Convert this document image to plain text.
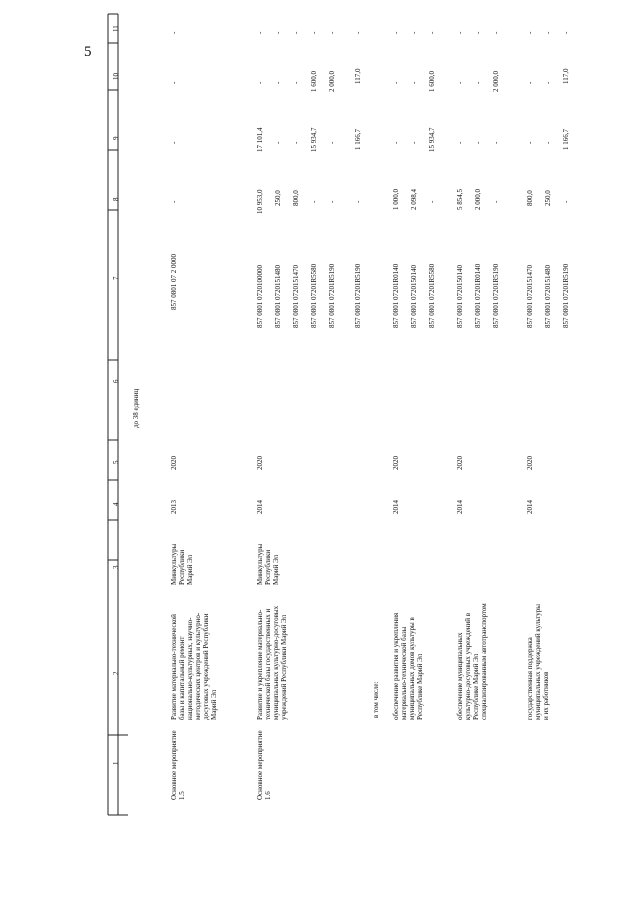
5
11
10
9
8
7
6
5
4
3
2
1
до 38 единиц
Основное мероприятие 1.5
Развитие материально-технической базы и капитальный ремонт национально-культурных, научно-методических центров и культурно-досуговых учреждений Республики Марий Эл
Минкультуры Республики Марий Эл
2013
2020
857 0801 07 2 0000
-
-
-
-
Основное мероприятие 1.6
Развитие и укрепление материально-технической базы государственных и муниципальных культурно-досуговых учреждений Республики Марий Эл
Минкультуры Республики Марий Эл
2014
2020
857 0801 0720100000 857 0801 0720151480 857 0801 0720151470 857 0801 07201R5580 857 0801 07201R5190
10 953,0 250,0 800,0 - -
17 101,4 - - 15 934,7 -
- - - 1 600,0 2 000,0
- - - - -
в том числе:
857 0801 07201R5190
-
1 166,7
117,0
-
обеспечение развития и укрепления материально-технической базы муниципальных домов культуры в Республике Марий Эл
2014
2020
857 0801 07201R0140 857 0801 0720150140 857 0801 07201R5580
1 000,0 2 098,4 -
- - 15 934,7
- - 1 600,0
- - -
обеспечение муниципальных культурно-досуговых учреждений в Республике Марий Эл специализированным автотранспортом
2014
2020
857 0801 0720150140 857 0801 07201R0140 857 0801 07201R5190
5 854,5 2 000,0 -
- - -
- - 2 000,0
- - -
государственная поддержка муниципальных учреждений культуры и их работников
2014
2020
857 0801 0720151470 857 0801 0720151480 857 0801 07201R5190
800,0 250,0 -
- - 1 166,7
- - 117,0
- - -
